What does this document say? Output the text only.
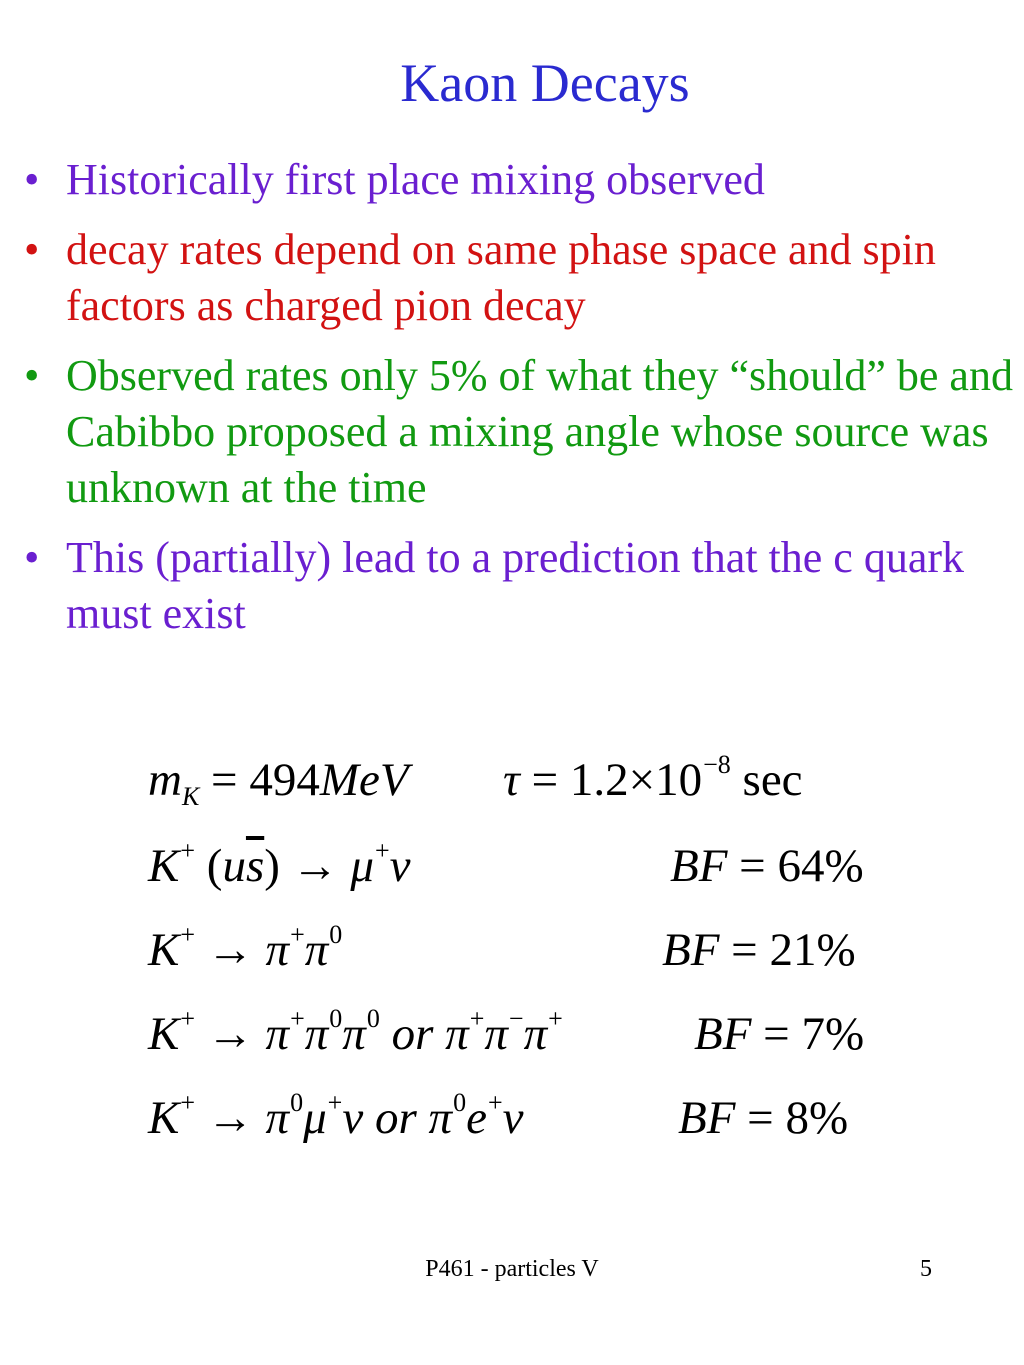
Kaon Decays
• Historically first place mixing observed
• decay rates depend on same phase space and spin factors as charged pion decay
• Observed rates only 5% of what they “should” be and Cabibbo proposed a mixing angle whose source was unknown at the time
• This (partially) lead to a prediction that the c quark must exist
$m_K = 494MeV$ $\tau = 1.2\times 10^{-8}$ sec
K+ $(u\overline{s}) \to \mu^+\nu$	BF = 64%
$K^+ \to \pi^+\pi^0$	BF = 21%
$K^+ \to \pi^+\pi^0\pi^0$ or π+π−π+	BF = 7%
$K^+ \to \pi^0\mu^+\nu$ or $\pi^0e^+\nu$	BF = 8%
P461 - particles V	5
